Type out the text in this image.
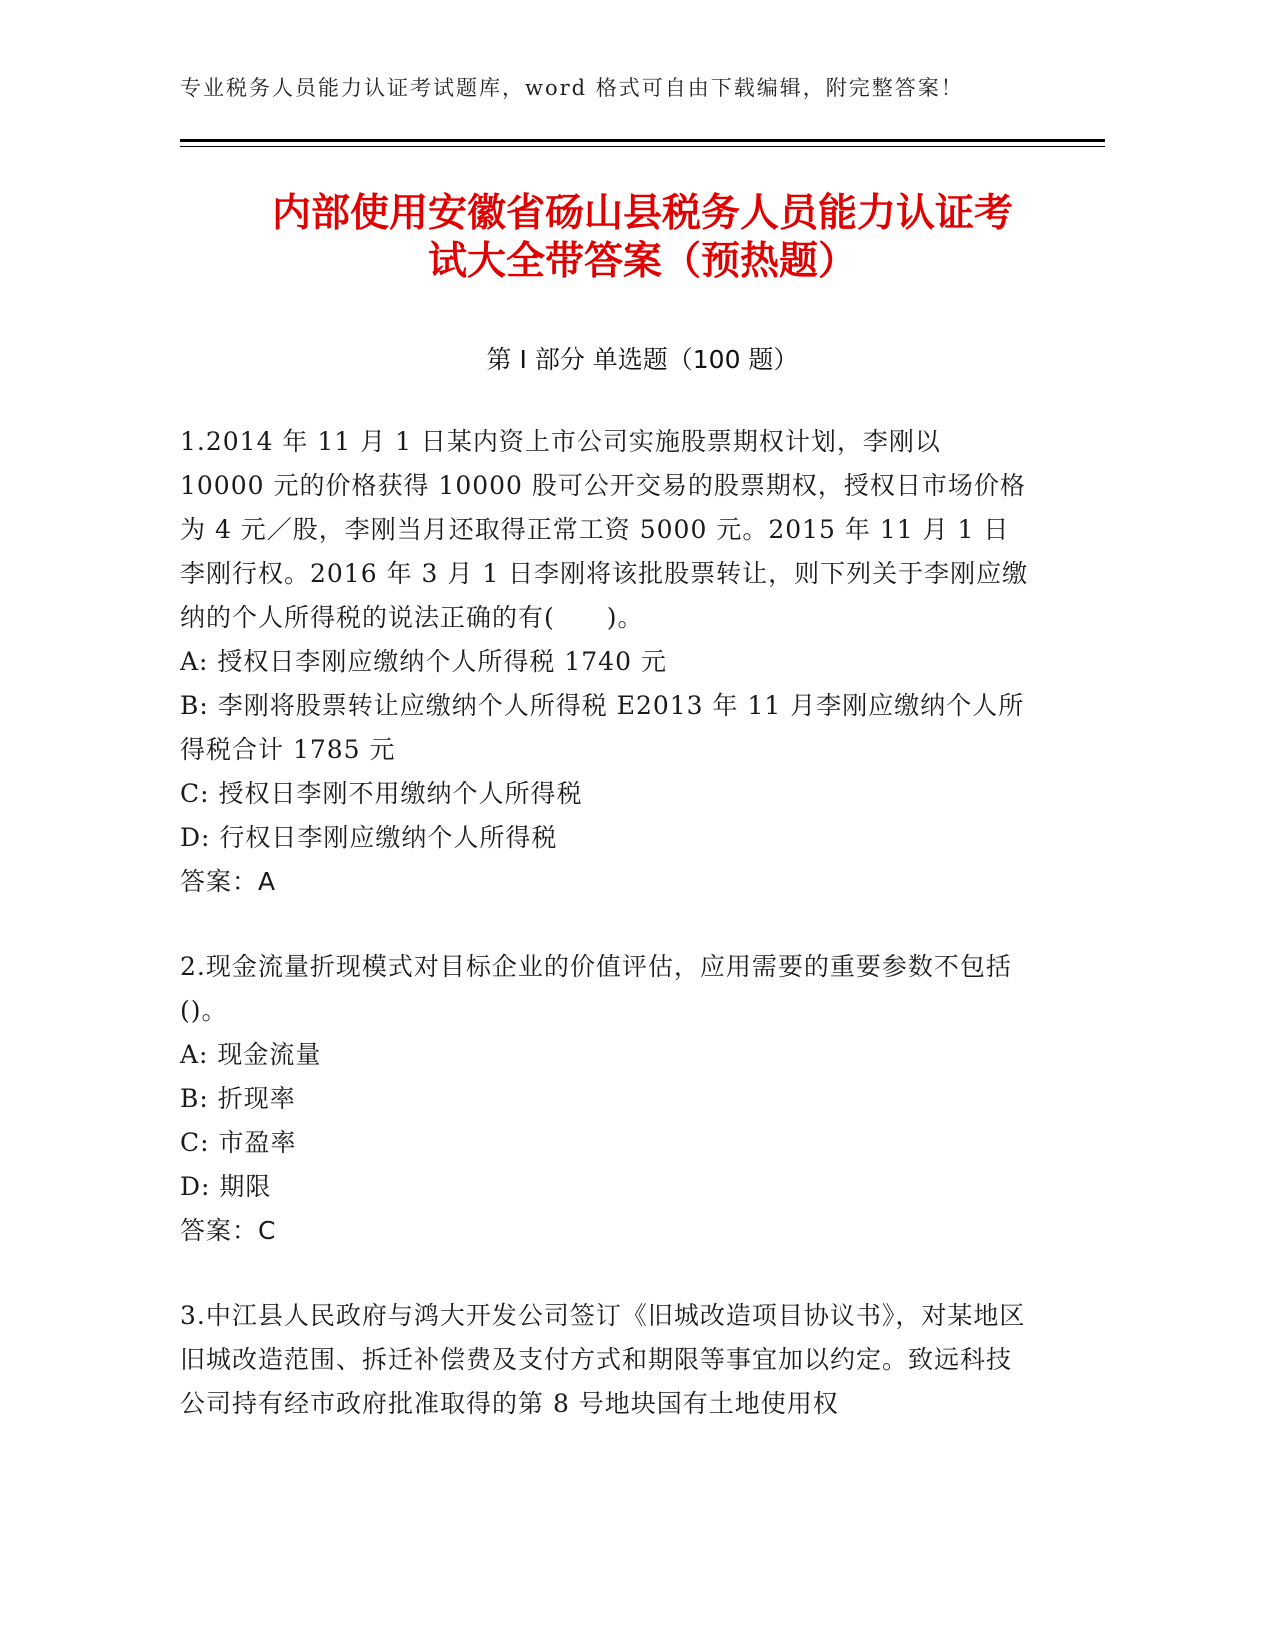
专业税务人员能力认证考试题库，word 格式可自由下载编辑，附完整答案！
内部使用安徽省砀山县税务人员能力认证考
试大全带答案（预热题）
第 I 部分 单选题（100 题）

1.2014 年 11 月 1 日某内资上市公司实施股票期权计划，李刚以 10000 元的价格获得 10000 股可公开交易的股票期权，授权日市场价格为 4 元／股，李刚当月还取得正常工资 5000 元。2015 年 11 月 1 日李刚行权。2016 年 3 月 1 日李刚将该批股票转让，则下列关于李刚应缴纳的个人所得税的说法正确的有(　　)。

A: 授权日李刚应缴纳个人所得税 1740 元

B: 李刚将股票转让应缴纳个人所得税 E2013 年 11 月李刚应缴纳个人所得税合计 1785 元

C: 授权日李刚不用缴纳个人所得税

D: 行权日李刚应缴纳个人所得税

答案：A

2.现金流量折现模式对目标企业的价值评估，应用需要的重要参数不包括()。

A: 现金流量

B: 折现率

C: 市盈率

D: 期限

答案：C

3.中江县人民政府与鸿大开发公司签订《旧城改造项目协议书》，对某地区旧城改造范围、拆迁补偿费及支付方式和期限等事宜加以约定。致远科技公司持有经市政府批准取得的第 8 号地块国有土地使用权
